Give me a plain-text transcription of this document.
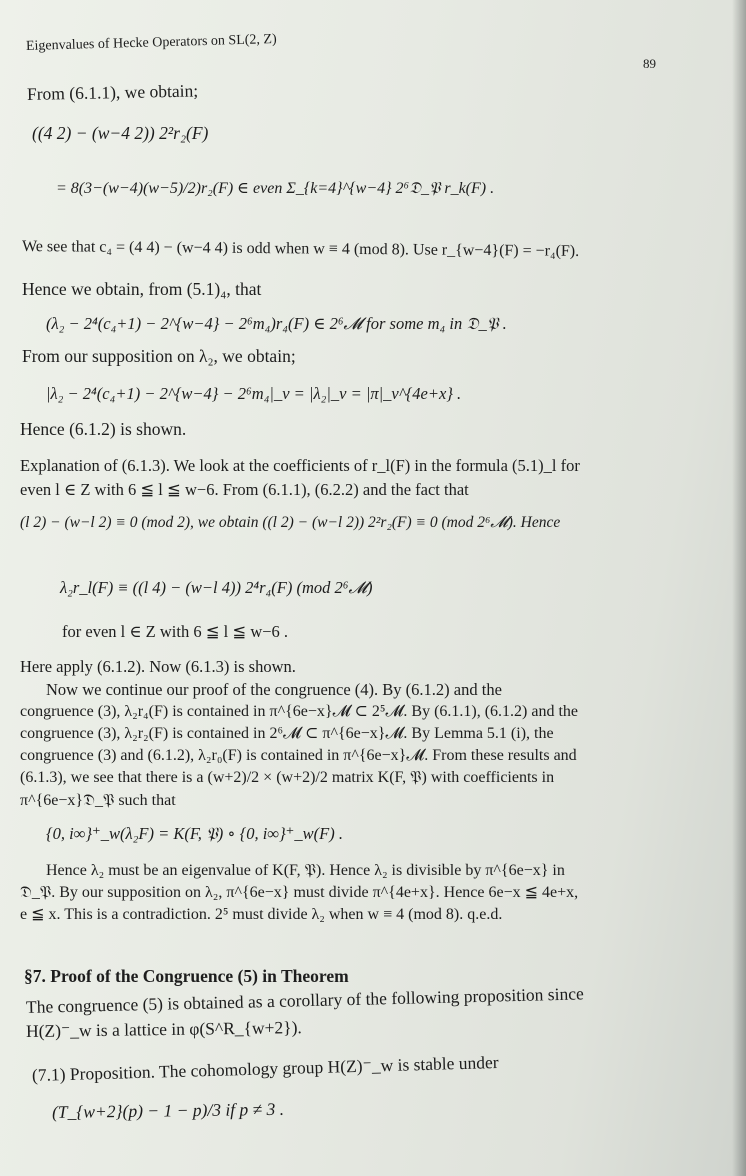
Eigenvalues of Hecke Operators on SL(2, Z)
89
From (6.1.1), we obtain;
((4 2) − (w−4 2)) 2²r₂(F)
= 8(3−(w−4)(w−5)/2)r₂(F) ∈ even Σ_{k=4}^{w−4} 2⁶𝔇_𝔓 r_k(F) .
We see that c₄ = (4 4) − (w−4 4) is odd when w ≡ 4 (mod 8). Use r_{w−4}(F) = −r₄(F).
Hence we obtain, from (5.1)₄, that
(λ₂ − 2⁴(c₄+1) − 2^{w−4} − 2⁶m₄)r₄(F) ∈ 2⁶𝓜 for some m₄ in 𝔇_𝔓 .
From our supposition on λ₂, we obtain;
|λ₂ − 2⁴(c₄+1) − 2^{w−4} − 2⁶m₄|_v = |λ₂|_v = |π|_v^{4e+x} .
Hence (6.1.2) is shown.
Explanation of (6.1.3). We look at the coefficients of r_l(F) in the formula (5.1)_l for
even l ∈ Z with 6 ≦ l ≦ w−6. From (6.1.1), (6.2.2) and the fact that
(l 2) − (w−l 2) ≡ 0 (mod 2), we obtain ((l 2) − (w−l 2)) 2²r₂(F) ≡ 0 (mod 2⁶𝓜). Hence
λ₂r_l(F) ≡ ((l 4) − (w−l 4)) 2⁴r₄(F) (mod 2⁶𝓜)
for even l ∈ Z with 6 ≦ l ≦ w−6 .
Here apply (6.1.2). Now (6.1.3) is shown.
Now we continue our proof of the congruence (4). By (6.1.2) and the
congruence (3), λ₂r₄(F) is contained in π^{6e−x}𝓜 ⊂ 2⁵𝓜. By (6.1.1), (6.1.2) and the
congruence (3), λ₂r₂(F) is contained in 2⁶𝓜 ⊂ π^{6e−x}𝓜. By Lemma 5.1 (i), the
congruence (3) and (6.1.2), λ₂r₀(F) is contained in π^{6e−x}𝓜. From these results and
(6.1.3), we see that there is a (w+2)/2 × (w+2)/2 matrix K(F, 𝔓) with coefficients in
π^{6e−x}𝔇_𝔓 such that
{0, i∞}⁺_w(λ₂F) = K(F, 𝔓) ∘ {0, i∞}⁺_w(F) .
Hence λ₂ must be an eigenvalue of K(F, 𝔓). Hence λ₂ is divisible by π^{6e−x} in
𝔇_𝔓. By our supposition on λ₂, π^{6e−x} must divide π^{4e+x}. Hence 6e−x ≦ 4e+x,
e ≦ x. This is a contradiction. 2⁵ must divide λ₂ when w ≡ 4 (mod 8). q.e.d.
§7. Proof of the Congruence (5) in Theorem
The congruence (5) is obtained as a corollary of the following proposition since
H(Z)⁻_w is a lattice in φ(S^R_{w+2}).
(7.1) Proposition. The cohomology group H(Z)⁻_w is stable under
(T_{w+2}(p) − 1 − p)/3 if p ≠ 3 .
